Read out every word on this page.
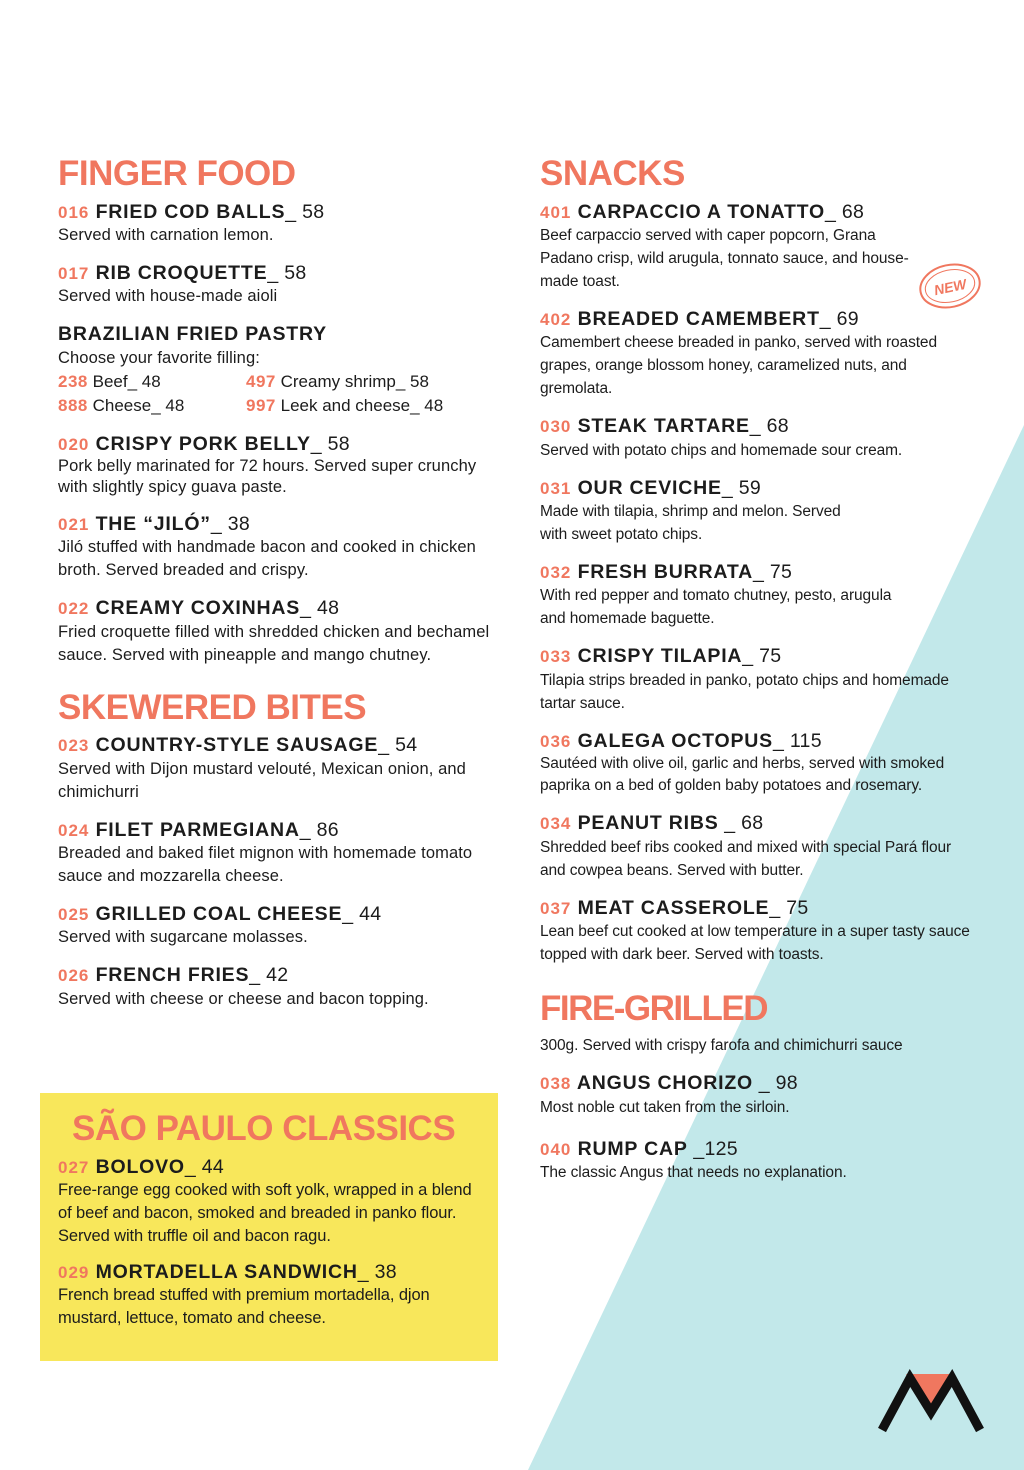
FINGER FOOD
016 FRIED COD BALLS_ 58
Served with carnation lemon.
017 RIB CROQUETTE_ 58
Served with house-made aioli
BRAZILIAN FRIED PASTRY
Choose your favorite filling:
238 Beef_ 48	497 Creamy shrimp_ 58
888 Cheese_ 48	997 Leek and cheese_ 48
020 CRISPY PORK BELLY_ 58
Pork belly marinated for 72 hours. Served super crunchy with slightly spicy guava paste.
021 THE “JILÓ”_ 38
Jiló stuffed with handmade bacon and cooked in chicken broth. Served breaded and crispy.
022 CREAMY COXINHAS_ 48
Fried croquette filled with shredded chicken and bechamel sauce. Served with pineapple and mango chutney.
SKEWERED BITES
023 COUNTRY-STYLE SAUSAGE_ 54
Served with Dijon mustard velouté, Mexican onion, and chimichurri
024 FILET PARMEGIANA_ 86
Breaded and baked filet mignon with homemade tomato sauce and mozzarella cheese.
025 GRILLED COAL CHEESE_ 44
Served with sugarcane molasses.
026 FRENCH FRIES_ 42
Served with cheese or cheese and bacon topping.
SÃO PAULO CLASSICS
027 BOLOVO_ 44
Free-range egg cooked with soft yolk, wrapped in a blend of beef and bacon, smoked and breaded in panko flour. Served with truffle oil and bacon ragu.
029 MORTADELLA SANDWICH_ 38
French bread stuffed with premium mortadella, djon mustard, lettuce, tomato and cheese.
SNACKS
401 CARPACCIO A TONATTO_ 68
Beef carpaccio served with caper popcorn, Grana Padano crisp, wild arugula, tonnato sauce, and house-made toast.
402 BREADED CAMEMBERT_ 69
Camembert cheese breaded in panko, served with roasted grapes, orange blossom honey, caramelized nuts, and gremolata.
030 STEAK TARTARE_ 68
Served with potato chips and homemade sour cream.
031 OUR CEVICHE_ 59
Made with tilapia, shrimp and melon. Served with sweet potato chips.
032 FRESH BURRATA_ 75
With red pepper and tomato chutney, pesto, arugula and homemade baguette.
033 CRISPY TILAPIA_ 75
Tilapia strips breaded in panko, potato chips and homemade tartar sauce.
036 GALEGA OCTOPUS_ 115
Sautéed with olive oil, garlic and herbs, served with smoked paprika on a bed of golden baby potatoes and rosemary.
034 PEANUT RIBS _ 68
Shredded beef ribs cooked and mixed with special Pará flour and cowpea beans. Served with butter.
037 MEAT CASSEROLE_ 75
Lean beef cut cooked at low temperature in a super tasty sauce topped with dark beer. Served with toasts.
FIRE-GRILLED
300g. Served with crispy farofa and chimichurri sauce
038 ANGUS CHORIZO _ 98
Most noble cut taken from the sirloin.
040 RUMP CAP _125
The classic Angus that needs no explanation.
NEW
